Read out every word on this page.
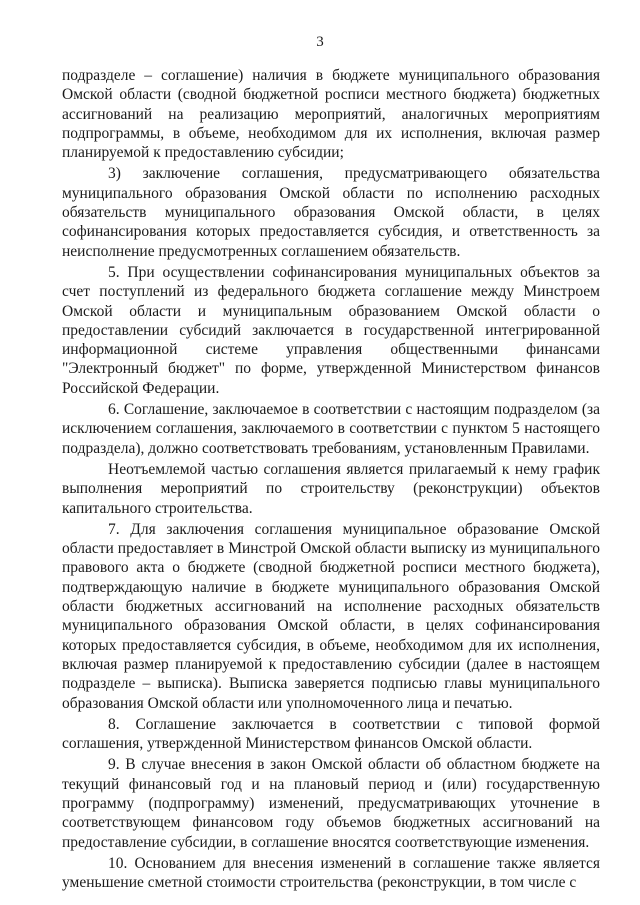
3

подразделе – соглашение) наличия в бюджете муниципального образования Омской области (сводной бюджетной росписи местного бюджета) бюджетных ассигнований на реализацию мероприятий, аналогичных мероприятиям подпрограммы, в объеме, необходимом для их исполнения, включая размер планируемой к предоставлению субсидии;

3) заключение соглашения, предусматривающего обязательства муниципального образования Омской области по исполнению расходных обязательств муниципального образования Омской области, в целях софинансирования которых предоставляется субсидия, и ответственность за неисполнение предусмотренных соглашением обязательств.

5. При осуществлении софинансирования муниципальных объектов за счет поступлений из федерального бюджета соглашение между Минстроем Омской области и муниципальным образованием Омской области о предоставлении субсидий заключается в государственной интегрированной информационной системе управления общественными финансами "Электронный бюджет" по форме, утвержденной Министерством финансов Российской Федерации.

6. Соглашение, заключаемое в соответствии с настоящим подразделом (за исключением соглашения, заключаемого в соответствии с пунктом 5 настоящего подраздела), должно соответствовать требованиям, установленным Правилами.

Неотъемлемой частью соглашения является прилагаемый к нему график выполнения мероприятий по строительству (реконструкции) объектов капитального строительства.

7. Для заключения соглашения муниципальное образование Омской области предоставляет в Минстрой Омской области выписку из муниципального правового акта о бюджете (сводной бюджетной росписи местного бюджета), подтверждающую наличие в бюджете муниципального образования Омской области бюджетных ассигнований на исполнение расходных обязательств муниципального образования Омской области, в целях софинансирования которых предоставляется субсидия, в объеме, необходимом для их исполнения, включая размер планируемой к предоставлению субсидии (далее в настоящем подразделе – выписка). Выписка заверяется подписью главы муниципального образования Омской области или уполномоченного лица и печатью.

8. Соглашение заключается в соответствии с типовой формой соглашения, утвержденной Министерством финансов Омской области.

9. В случае внесения в закон Омской области об областном бюджете на текущий финансовый год и на плановый период и (или) государственную программу (подпрограмму) изменений, предусматривающих уточнение в соответствующем финансовом году объемов бюджетных ассигнований на предоставление субсидии, в соглашение вносятся соответствующие изменения.

10. Основанием для внесения изменений в соглашение также является уменьшение сметной стоимости строительства (реконструкции, в том числе с
